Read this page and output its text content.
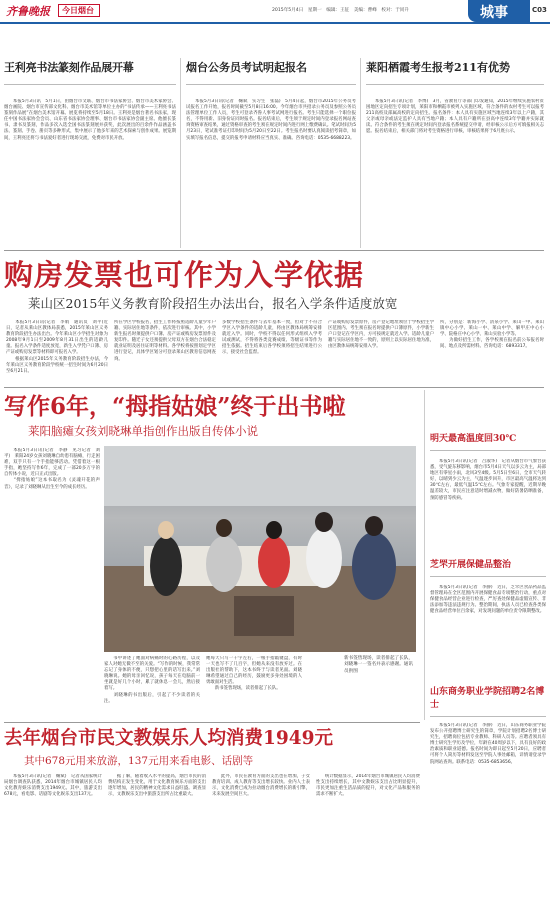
齐鲁晚报 今日烟台	2015年5月4日　星期一　编辑：王征　美编：曹峰　校对：于同升	城事	C03
王利亮书法篆刻作品展开幕
　　本报5月3日讯　5月1日，由烟台市文联、烟台市书法家协会、烟台市美术家协会、烟台画院、烟台市宣传部文化科、烟台市美术馆等单位主办的“书法传承——王利亮书法篆刻作品展”在烟台美术馆开幕。展览将持续至5月18日。王利亮是烟台著名书法家，现任中国书法家协会会员、山东省书法家协会理事、烟台市书法家协会副主席。他擅长篆书、隶书及篆刻，作品多次入选全国书法篆刻展并获奖，此次展出的百余件作品涵盖书法、篆刻、手卷、册页等多种形式，集中展示了他多年来的艺术探索与创作成果。展览期间，王利亮还将与书法爱好者进行现场交流，免费对市民开放。
烟台公务员考试明起报名
　　本报5月3日讯(记者　鞠斌　实习生　张磊)　5月4日起，烟台市2015年公务员考试报名工作开始，报名时间截至5月8日16:00。今年烟台市共招录公务员及参照公务员法管理单位工作人员，考生可登录齐鲁人事考试网进行报名。考生只能选择一个职位报名，不得用新、旧身份证同时报名。报名结束后，考生须于规定时间内登录报名网站查询资格审查结果，通过资格审查的考生须在规定时间内进行网上缴费确认。笔试时间为5月23日，笔试准考证打印时间为5月20日至22日。考生报名时要认真阅读招考简章，如实填写报名信息，提交的报考申请材料应当真实、准确。咨询电话：0535-6688223。
莱阳栖霞考生报考211有优势
　　本报5月3日讯(记者　李博)　3月，省教育厅等部门印发通知，2015年继续实施农村贫困地区定向招生专项计划，莱阳市和栖霞市被列入实施区域，符合条件的农村考生可以报考211高校及部属高校的定向招生。报名条件：本人具有实施区域当地连续3年以上户籍，其父亲或母亲或法定监护人具有当地户籍；本人具有户籍所在县高中连续3年学籍并实际就读。符合条件的考生须在规定时间内登录报名系统提交申请，经审核公示后方可填报相关志愿。报名结束后，相关部门将对考生资格进行审核，审核结果将于6月底公示。
购房发票也可作为入学依据
莱山区2015年义务教育阶段招生办法出台，报名入学条件适度放宽
　　本报5月3日讯(记者　李娟　通讯员　刘平)近日，记者从莱山区教体局获悉，2015年莱山区义务教育阶段招生办法出台。今年莱山区小学招生对象为2008年9月1日至2009年8月31日出生的适龄儿童。报名入学条件适度放宽，新生入学凭户口簿、房产证或购房发票等材料即可报名入学。
　　根据莱山区2015年义务教育阶段招生办法，今年莱山区义务教育阶段学校统一招生时间为6月20日至6月21日。
所在学区学校报名，招生工作将按照适龄儿童少年户籍、实际居住地等条件，依次进行审核。其中，小学新生报名时须提供户口簿、房产证或购房发票原件及复印件。随迁子女还须提供父母双方在烟台合法稳定就业证明及居住证明等材料。各学校将按照划定学区进行登记，具体学区划分可登录莱山区教育信息网查询。
多数学校招生条件与去年基本一致，但对于不符合学区入学条件的适龄儿童，将由区教体局统筹安排就近入学。同时，学校不得以任何形式组织入学考试或测试，不得将各类竞赛成绩、等级证书等作为招生依据。招生结束后各学校须将招生结果进行公示，接受社会监督。
产证或购房发票原件，房产登记地址须位于学校招生学区范围内。考生须在报名时提供户口簿原件，小学新生户口登记在学区内，方可按规定就近入学。适龄儿童户籍与实际居住地不一致的，原则上以实际居住地为准，由区教体局统筹安排入学。
所，分别是：新海小学、清泉小学、莱山一中、莱山镇中心小学、莱山一中、莱山中学、解甲庄中心小学、院格庄中心小学、莱山实验小学等。
　　为做好招生工作，各学校须在报名前公布报名时间、地点及所需材料。咨询电话：6893317。
写作6年，“拇指姑娘”终于出书啦
莱阳脑瘫女孩刘晓琳单指创作出版自传体小说
　　本报5月3日讯(记者　李静　见习记者　刘平)　莱阳24岁女孩刘晓琳自幼患有脑瘫，行走困难，双手只有一个手指能够活动。凭借着这一根手指，她坚持写作6年，完成了一部20多万字的自传体小说，近日正式出版。
　　“拇指姑娘”这本书取名为《灵魂开花的声音》，记录了刘晓琳从出生至今的成长经历。
新书签售现场，读者排起了长队，刘晓琳一一签名并表示感谢。通讯员供图
　　书中讲述了她面对病痛时的心路历程，以及家人对她无微不至的关爱。“写作的时候，我常常忘记了身体的不便，只想把心里的话写出来。”刘晓琳说。她的母亲回忆说，孩子每天在电脑前一坐就是好几个小时，累了就休息一会儿，然后接着写。
　　刘晓琳的书出版后，引起了不少读者的关注。
她每天只写一千字左右，一根手指敲键盘，有时一天也写不了几百字，但她从来没有放弃过。在出版社的帮助下，这本书终于与读者见面。刘晓琳希望通过自己的经历，鼓励更多身处困境的人勇敢面对生活。
　　新书签售现场，读者排起了长队。
明天最高温度回30℃
　　本报5月3日讯(记者　吕淑华)　记者从烟台市气象台获悉，受气旋东移影响，烟台市5月4日天气以多云为主，局部地区有零星小雨，北风3至4级。5月5日至6日，全市天气转好，以晴到少云为主，气温逐步回升，市区最高气温将达到30℃左右，最低气温15℃左右。气象专家提醒，近期早晚温差较大，市民应注意适时增减衣物，做好防暑防晒准备，预防感冒等疾病。
芝罘开展保健品整治
　　本报5月3日讯(记者　李静)　近日，芝罘区食品药品监督管理局在全区范围内开展保健食品专项整治行动，重点对保健食品经营企业进行检查，严厉查处保健品虚假宣传、非法添加等违法违规行为。整治期间，执法人员已检查各类保健食品经营单位百余家，对发现问题的单位责令限期整改。
山东商务职业学院招聘2名博士
　　本报5月3日讯(记者　李静)　近日，山东商务职业学院发布公开招聘博士研究生的简章，学院计划招聘2名博士研究生，招聘岗位包括专业教师、科研人员等。应聘者须具有博士研究生学历及学位，年龄在40周岁以下，具有良好的政治素质和职业道德。报名时间为即日起至5月20日，应聘者可将个人简历等材料发送至学院人事处邮箱，详情请登录学院网站查询。联系电话：0535-6853656。
去年烟台市民文教娱乐人均消费1949元
其中678元用来放游，137元用来看电影、话剧等
　　本报5月3日讯(记者　鞠斌)　记者从国家统计局烟台调查队获悉，2014年烟台市城镇居民人均文化教育娱乐消费支出1949元。其中，旅游支出678元，看电影、话剧等文化娱乐支出137元。
　　据了解，随着收入水平的提高，烟台市民的消费结构正发生变化，用于文化教育娱乐方面的支出逐年增加，居民的精神文化需求日益旺盛。调查显示，文教娱乐支出中旅游支出所占比重最大。
　　此外，市民在教育方面的支出也在增加，子女教育培训、成人教育等支出增长较快。业内人士表示，文化消费已成为拉动烟台消费增长的新引擎，未来发展空间巨大。
　　统计数据显示，2014年烟台市城镇居民人均消费性支出持续增长，其中文教娱乐支出占比明显提升，市民更加注重生活品质的提升，对文化产品和服务的需求不断扩大。
